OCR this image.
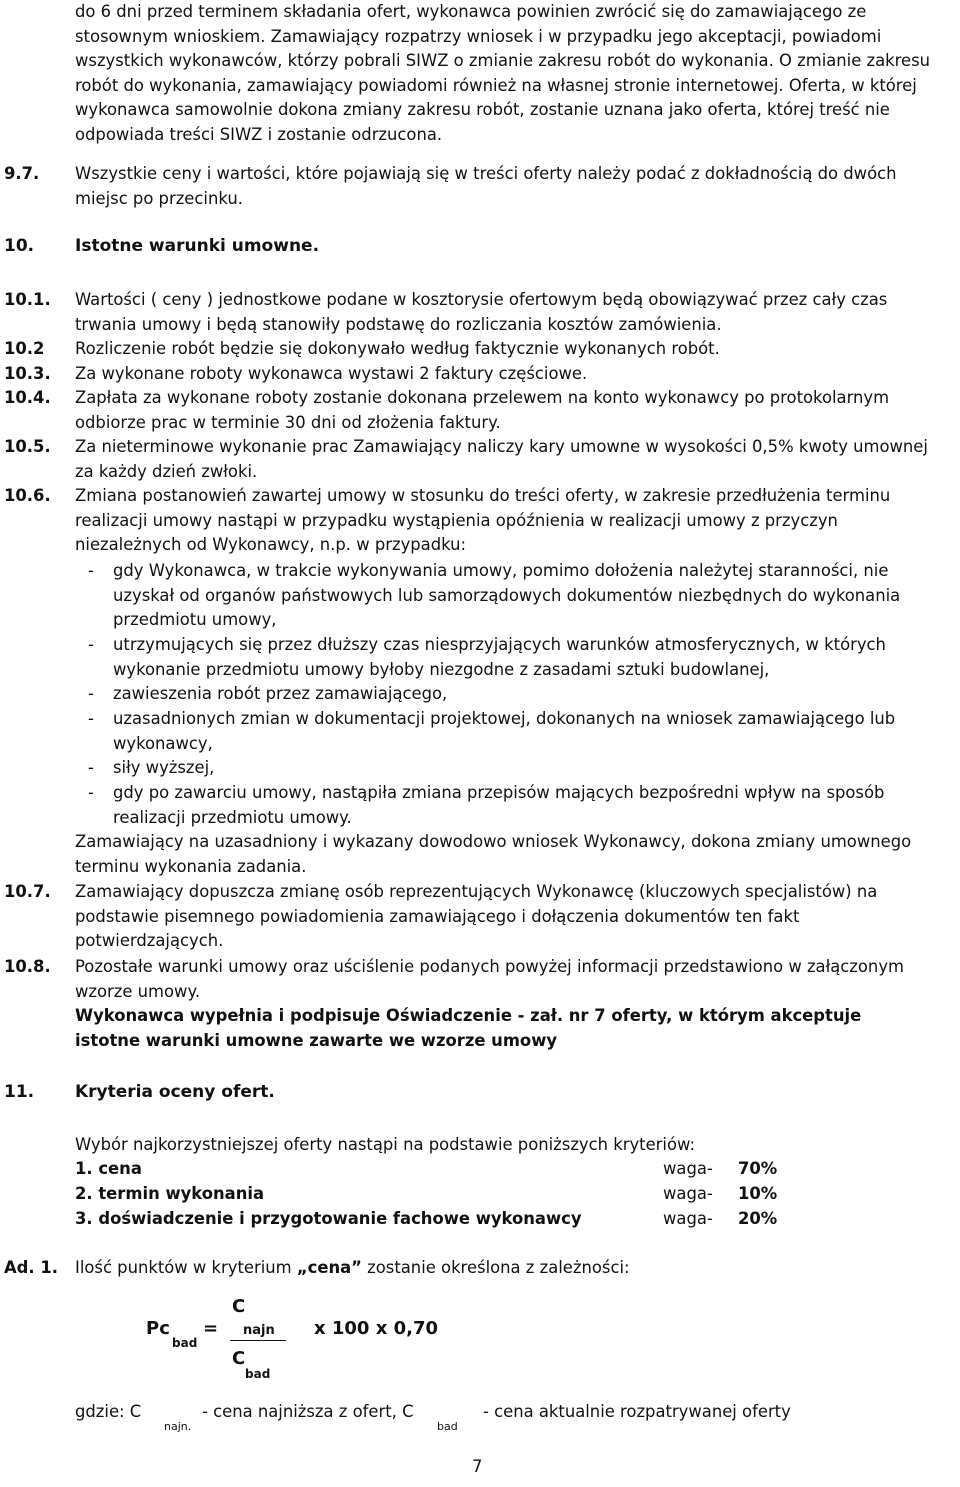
do 6 dni przed terminem składania ofert, wykonawca powinien zwrócić się do zamawiającego ze stosownym wnioskiem. Zamawiający rozpatrzy wniosek i w przypadku jego akceptacji, powiadomi wszystkich wykonawców, którzy pobrali SIWZ o zmianie zakresu robót do wykonania. O zmianie zakresu robót do wykonania, zamawiający powiadomi również na własnej stronie internetowej. Oferta, w której wykonawca samowolnie dokona zmiany zakresu robót, zostanie uznana jako oferta, której treść nie odpowiada treści SIWZ i zostanie odrzucona.

9.7. Wszystkie ceny i wartości, które pojawiają się w treści oferty należy podać z dokładnością do dwóch miejsc po przecinku.

10. Istotne warunki umowne.
10.1. Wartości ( ceny ) jednostkowe podane w kosztorysie ofertowym będą obowiązywać przez cały czas trwania umowy i będą stanowiły podstawę do rozliczania kosztów zamówienia.

10.2 Rozliczenie robót będzie się dokonywało według faktycznie wykonanych robót.

10.3. Za wykonane roboty wykonawca wystawi 2 faktury częściowe.

10.4. Zapłata za wykonane roboty zostanie dokonana przelewem na konto wykonawcy po protokolarnym odbiorze prac w terminie 30 dni od złożenia faktury.

10.5. Za nieterminowe wykonanie prac Zamawiający naliczy kary umowne w wysokości 0,5% kwoty umownej za każdy dzień zwłoki.

10.6. Zmiana postanowień zawartej umowy w stosunku do treści oferty, w zakresie przedłużenia terminu realizacji umowy nastąpi w przypadku wystąpienia opóźnienia w realizacji umowy z przyczyn niezależnych od Wykonawcy, n.p. w przypadku:

- gdy Wykonawca, w trakcie wykonywania umowy, pomimo dołożenia należytej staranności, nie uzyskał od organów państwowych lub samorządowych dokumentów niezbędnych do wykonania przedmiotu umowy,
- utrzymujących się przez dłuższy czas niesprzyjających warunków atmosferycznych, w których wykonanie przedmiotu umowy byłoby niezgodne z zasadami sztuki budowlanej,
- zawieszenia robót przez zamawiającego,
- uzasadnionych zmian w dokumentacji projektowej, dokonanych na wniosek zamawiającego lub wykonawcy,
- siły wyższej,
- gdy po zawarciu umowy, nastąpiła zmiana przepisów mających bezpośredni wpływ na sposób realizacji przedmiotu umowy.

Zamawiający na uzasadniony i wykazany dowodowo wniosek Wykonawcy, dokona zmiany umownego terminu wykonania zadania.

10.7. Zamawiający dopuszcza zmianę osób reprezentujących Wykonawcę (kluczowych specjalistów) na podstawie pisemnego powiadomienia zamawiającego i dołączenia dokumentów ten fakt potwierdzających.

10.8. Pozostałe warunki umowy oraz uściślenie podanych powyżej informacji przedstawiono w załączonym wzorze umowy.

Wykonawca wypełnia i podpisuje Oświadczenie - zał. nr 7 oferty, w którym akceptuje istotne warunki umowne zawarte we wzorze umowy

11. Kryteria oceny ofert.

Wybór najkorzystniejszej oferty nastąpi na podstawie poniższych kryteriów:

1. cena	waga- 70%
2. termin wykonania	waga- 10%
3. doświadczenie i przygotowanie fachowe wykonawcy	waga- 20%
Ad. 1. Ilość punktów w kryterium „cena” zostanie określona z zależności:

Pc
bad
=
C
najn
C
bad
x 100 x 0,70
gdzie: C
najn.
- cena najniższa z ofert, C
bad
- cena aktualnie rozpatrywanej oferty
7
